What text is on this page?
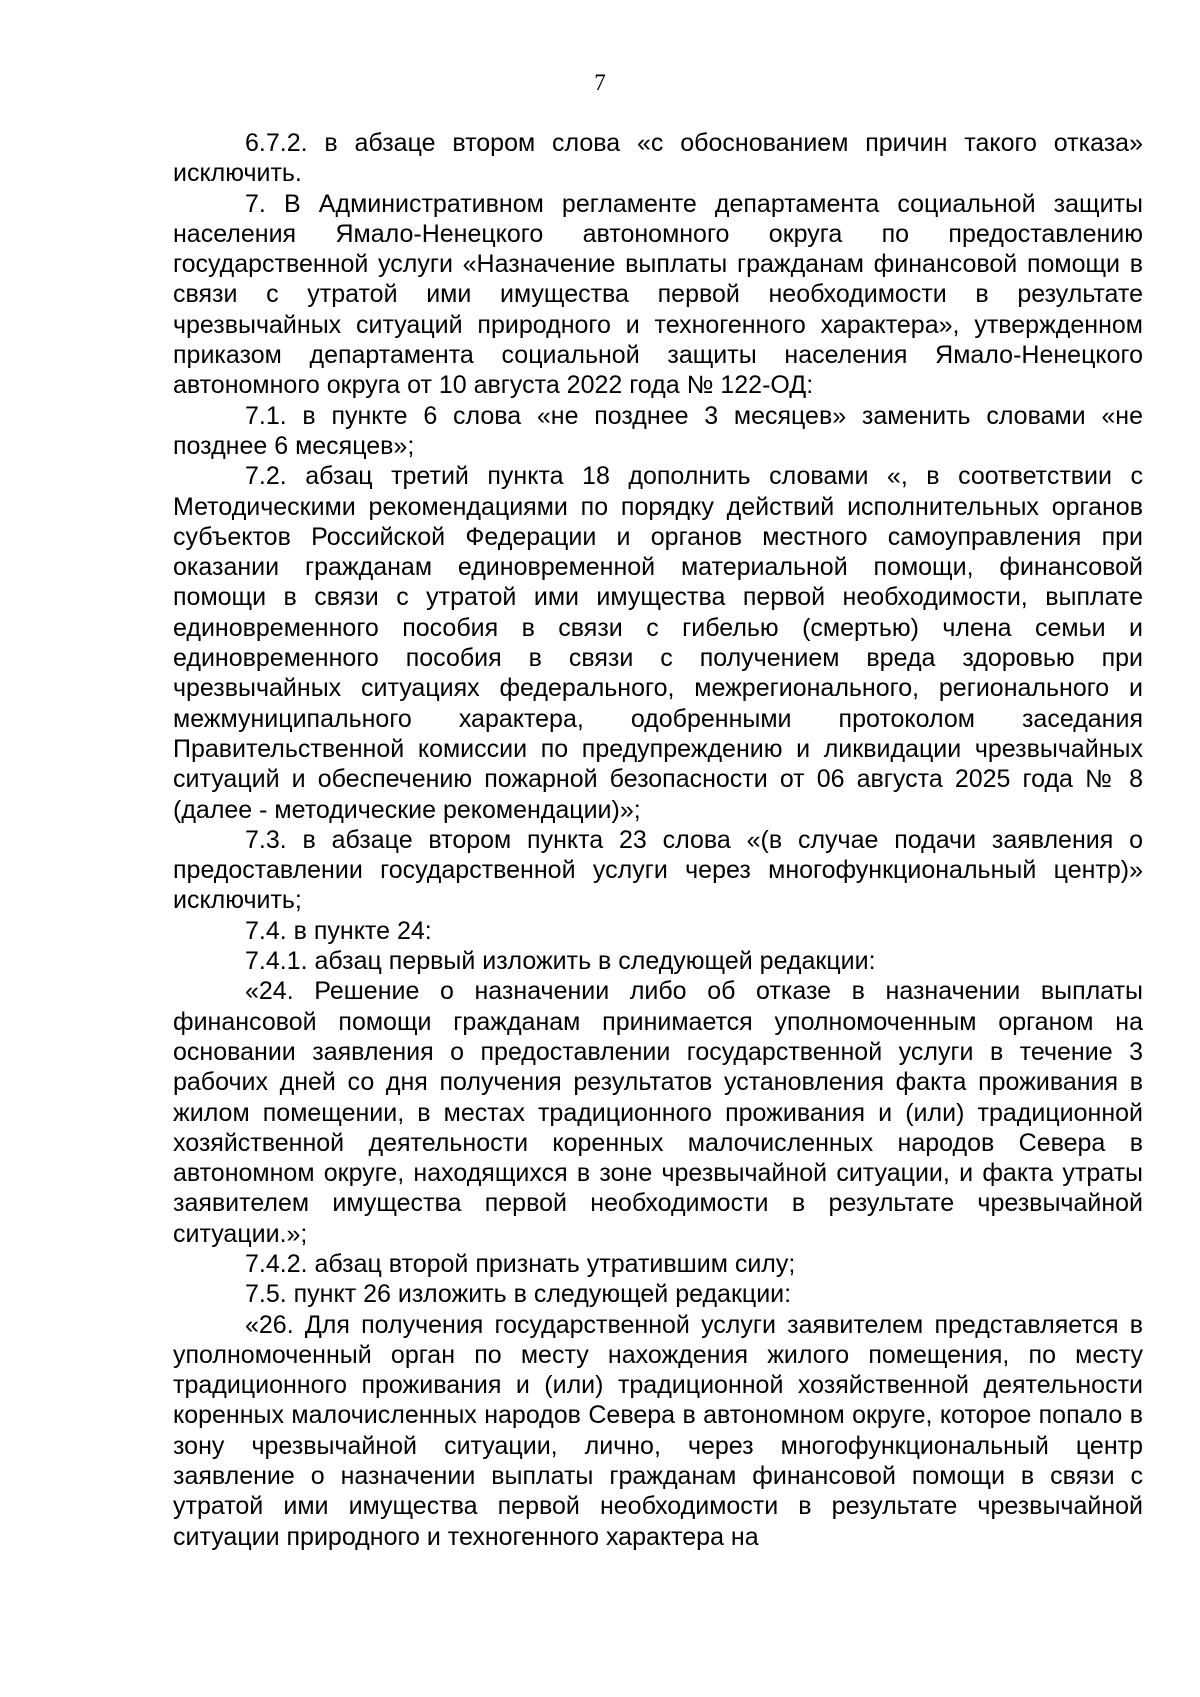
7

6.7.2. в абзаце втором слова «с обоснованием причин такого отказа» исключить.

7. В Административном регламенте департамента социальной защиты населения Ямало-Ненецкого автономного округа по предоставлению государственной услуги «Назначение выплаты гражданам финансовой помощи в связи с утратой ими имущества первой необходимости в результате чрезвычайных ситуаций природного и техногенного характера», утвержденном приказом департамента социальной защиты населения Ямало-Ненецкого автономного округа от 10 августа 2022 года № 122-ОД:

7.1. в пункте 6 слова «не позднее 3 месяцев» заменить словами «не позднее 6 месяцев»;

7.2. абзац третий пункта 18 дополнить словами «, в соответствии с Методическими рекомендациями по порядку действий исполнительных органов субъектов Российской Федерации и органов местного самоуправления при оказании гражданам единовременной материальной помощи, финансовой помощи в связи с утратой ими имущества первой необходимости, выплате единовременного пособия в связи с гибелью (смертью) члена семьи и единовременного пособия в связи с получением вреда здоровью при чрезвычайных ситуациях федерального, межрегионального, регионального и межмуниципального характера, одобренными протоколом заседания Правительственной комиссии по предупреждению и ликвидации чрезвычайных ситуаций и обеспечению пожарной безопасности от 06 августа 2025 года № 8 (далее - методические рекомендации)»;

7.3. в абзаце втором пункта 23 слова «(в случае подачи заявления о предоставлении государственной услуги через многофункциональный центр)» исключить;

7.4. в пункте 24:

7.4.1. абзац первый изложить в следующей редакции:

«24. Решение о назначении либо об отказе в назначении выплаты финансовой помощи гражданам принимается уполномоченным органом на основании заявления о предоставлении государственной услуги в течение 3 рабочих дней со дня получения результатов установления факта проживания в жилом помещении, в местах традиционного проживания и (или) традиционной хозяйственной деятельности коренных малочисленных народов Севера в автономном округе, находящихся в зоне чрезвычайной ситуации, и факта утраты заявителем имущества первой необходимости в результате чрезвычайной ситуации.»;

7.4.2. абзац второй признать утратившим силу;

7.5. пункт 26 изложить в следующей редакции:

«26. Для получения государственной услуги заявителем представляется в уполномоченный орган по месту нахождения жилого помещения, по месту традиционного проживания и (или) традиционной хозяйственной деятельности коренных малочисленных народов Севера в автономном округе, которое попало в зону чрезвычайной ситуации, лично, через многофункциональный центр заявление о назначении выплаты гражданам финансовой помощи в связи с утратой ими имущества первой необходимости в результате чрезвычайной ситуации природного и техногенного характера на
